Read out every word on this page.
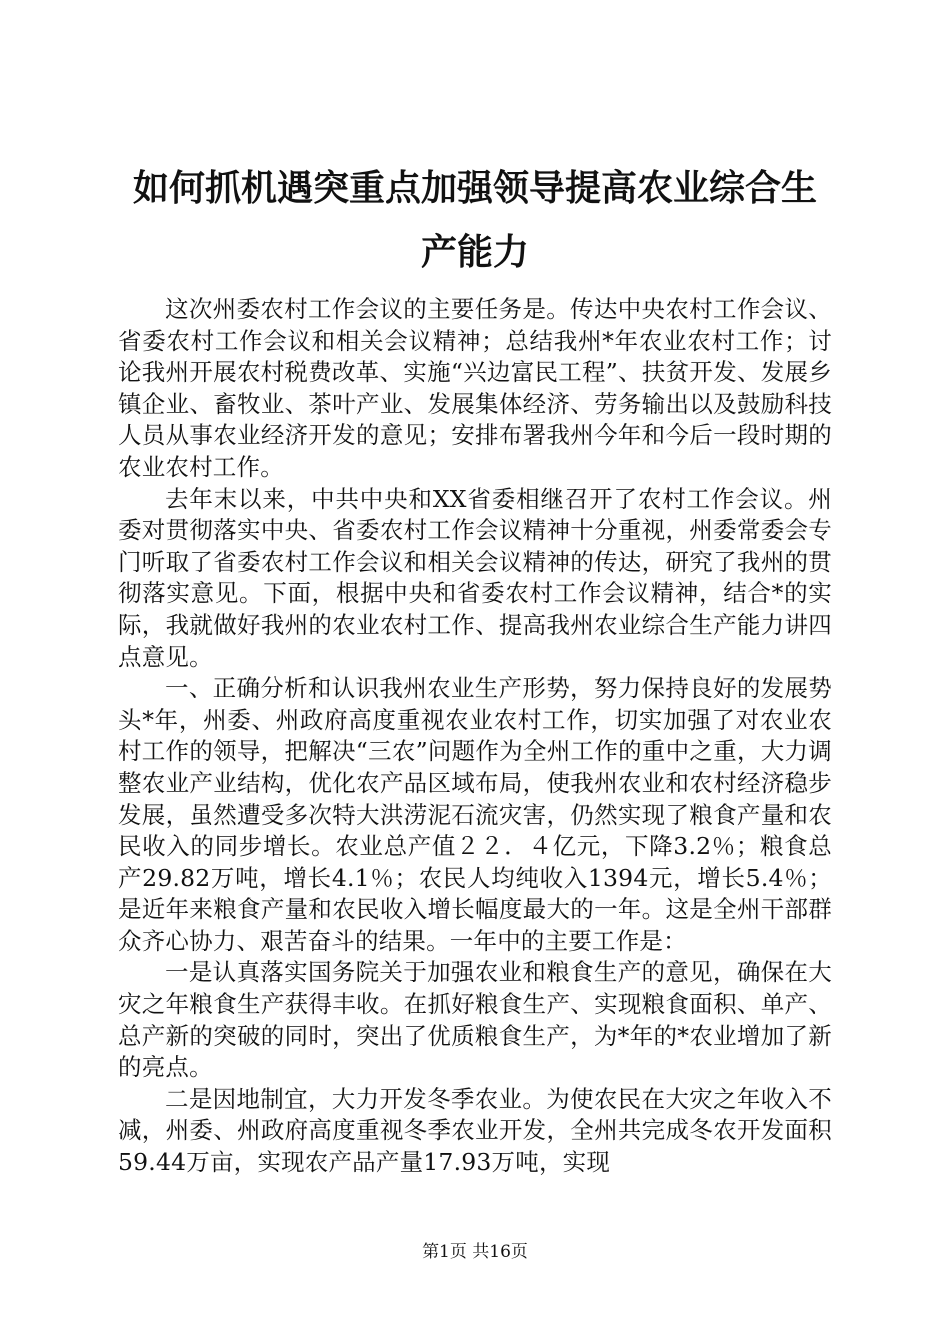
如何抓机遇突重点加强领导提高农业综合生产能力

这次州委农村工作会议的主要任务是。传达中央农村工作会议、省委农村工作会议和相关会议精神；总结我州*年农业农村工作；讨论我州开展农村税费改革、实施“兴边富民工程”、扶贫开发、发展乡镇企业、畜牧业、茶叶产业、发展集体经济、劳务输出以及鼓励科技人员从事农业经济开发的意见；安排布署我州今年和今后一段时期的农业农村工作。

去年末以来，中共中央和XX省委相继召开了农村工作会议。州委对贯彻落实中央、省委农村工作会议精神十分重视，州委常委会专门听取了省委农村工作会议和相关会议精神的传达，研究了我州的贯彻落实意见。下面，根据中央和省委农村工作会议精神，结合*的实际，我就做好我州的农业农村工作、提高我州农业综合生产能力讲四点意见。

一、正确分析和认识我州农业生产形势，努力保持良好的发展势头*年，州委、州政府高度重视农业农村工作，切实加强了对农业农村工作的领导，把解决“三农”问题作为全州工作的重中之重，大力调整农业产业结构，优化农产品区域布局，使我州农业和农村经济稳步发展，虽然遭受多次特大洪涝泥石流灾害，仍然实现了粮食产量和农民收入的同步增长。农业总产值２２．４亿元，下降3.2％；粮食总产29.82万吨，增长4.1％；农民人均纯收入1394元，增长5.4％；是近年来粮食产量和农民收入增长幅度最大的一年。这是全州干部群众齐心协力、艰苦奋斗的结果。一年中的主要工作是：

一是认真落实国务院关于加强农业和粮食生产的意见，确保在大灾之年粮食生产获得丰收。在抓好粮食生产、实现粮食面积、单产、总产新的突破的同时，突出了优质粮食生产，为*年的*农业增加了新的亮点。

二是因地制宜，大力开发冬季农业。为使农民在大灾之年收入不减，州委、州政府高度重视冬季农业开发，全州共完成冬农开发面积59.44万亩，实现农产品产量17.93万吨，实现

第1页 共16页
